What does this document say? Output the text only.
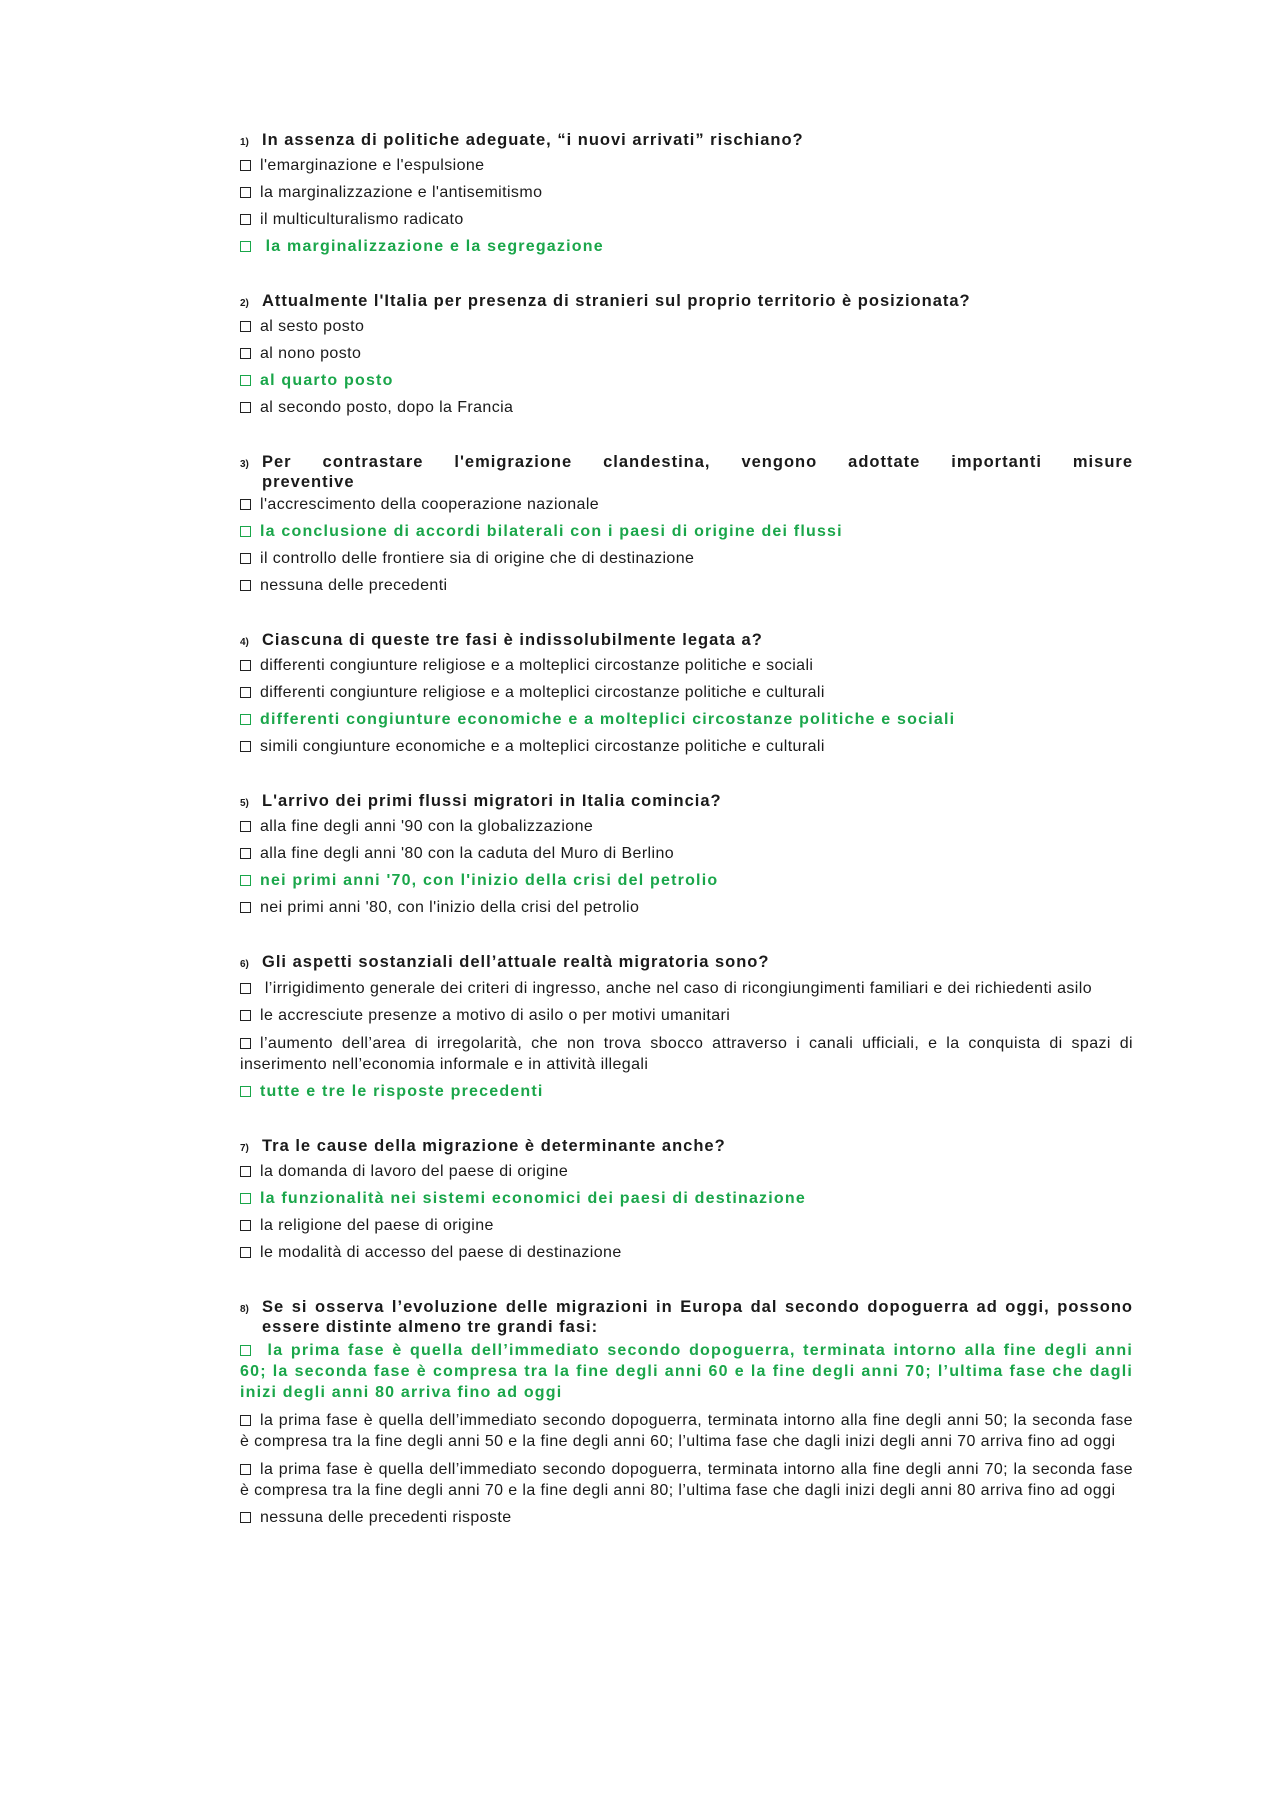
1) In assenza di politiche adeguate, “i nuovi arrivati” rischiano?
l'emarginazione e l'espulsione
la marginalizzazione e l'antisemitismo
il multiculturalismo radicato
la marginalizzazione e la segregazione
2) Attualmente l'Italia per presenza di stranieri sul proprio territorio è posizionata?
al sesto posto
al nono posto
al quarto posto
al secondo posto, dopo la Francia
3) Per contrastare l'emigrazione clandestina, vengono adottate importanti misure preventive
l'accrescimento della cooperazione nazionale
la conclusione di accordi bilaterali con i paesi di origine dei flussi
il controllo delle frontiere sia di origine che di destinazione
nessuna delle precedenti
4) Ciascuna di queste tre fasi è indissolubilmente legata a?
differenti congiunture religiose e a molteplici circostanze politiche e sociali
differenti congiunture religiose e a molteplici circostanze politiche e culturali
differenti congiunture economiche e a molteplici circostanze politiche e sociali
simili congiunture economiche e a molteplici circostanze politiche e culturali
5) L'arrivo dei primi flussi migratori in Italia comincia?
alla fine degli anni '90 con la globalizzazione
alla fine degli anni '80 con la caduta del Muro di Berlino
nei primi anni '70, con l'inizio della crisi del petrolio
nei primi anni '80, con l'inizio della crisi del petrolio
6) Gli aspetti sostanziali dell’attuale realtà migratoria sono?
l’irrigidimento generale dei criteri di ingresso, anche nel caso di ricongiungimenti familiari e dei richiedenti asilo
le accresciute presenze a motivo di asilo o per motivi umanitari
l’aumento dell’area di irregolarità, che non trova sbocco attraverso i canali ufficiali, e la conquista di spazi di inserimento nell’economia informale e in attività illegali
tutte e tre le risposte precedenti
7) Tra le cause della migrazione è determinante anche?
la domanda di lavoro del paese di origine
la funzionalità nei sistemi economici dei paesi di destinazione
la religione del paese di origine
le modalità di accesso del paese di destinazione
8) Se si osserva l’evoluzione delle migrazioni in Europa dal secondo dopoguerra ad oggi, possono essere distinte almeno tre grandi fasi:
la prima fase è quella dell’immediato secondo dopoguerra, terminata intorno alla fine degli anni 60; la seconda fase è compresa tra la fine degli anni 60 e la fine degli anni 70; l’ultima fase che dagli inizi degli anni 80 arriva fino ad oggi
la prima fase è quella dell’immediato secondo dopoguerra, terminata intorno alla fine degli anni 50; la seconda fase è compresa tra la fine degli anni 50 e la fine degli anni 60; l’ultima fase che dagli inizi degli anni 70 arriva fino ad oggi
la prima fase è quella dell’immediato secondo dopoguerra, terminata intorno alla fine degli anni 70; la seconda fase è compresa tra la fine degli anni 70 e la fine degli anni 80; l’ultima fase che dagli inizi degli anni 80 arriva fino ad oggi
nessuna delle precedenti risposte
